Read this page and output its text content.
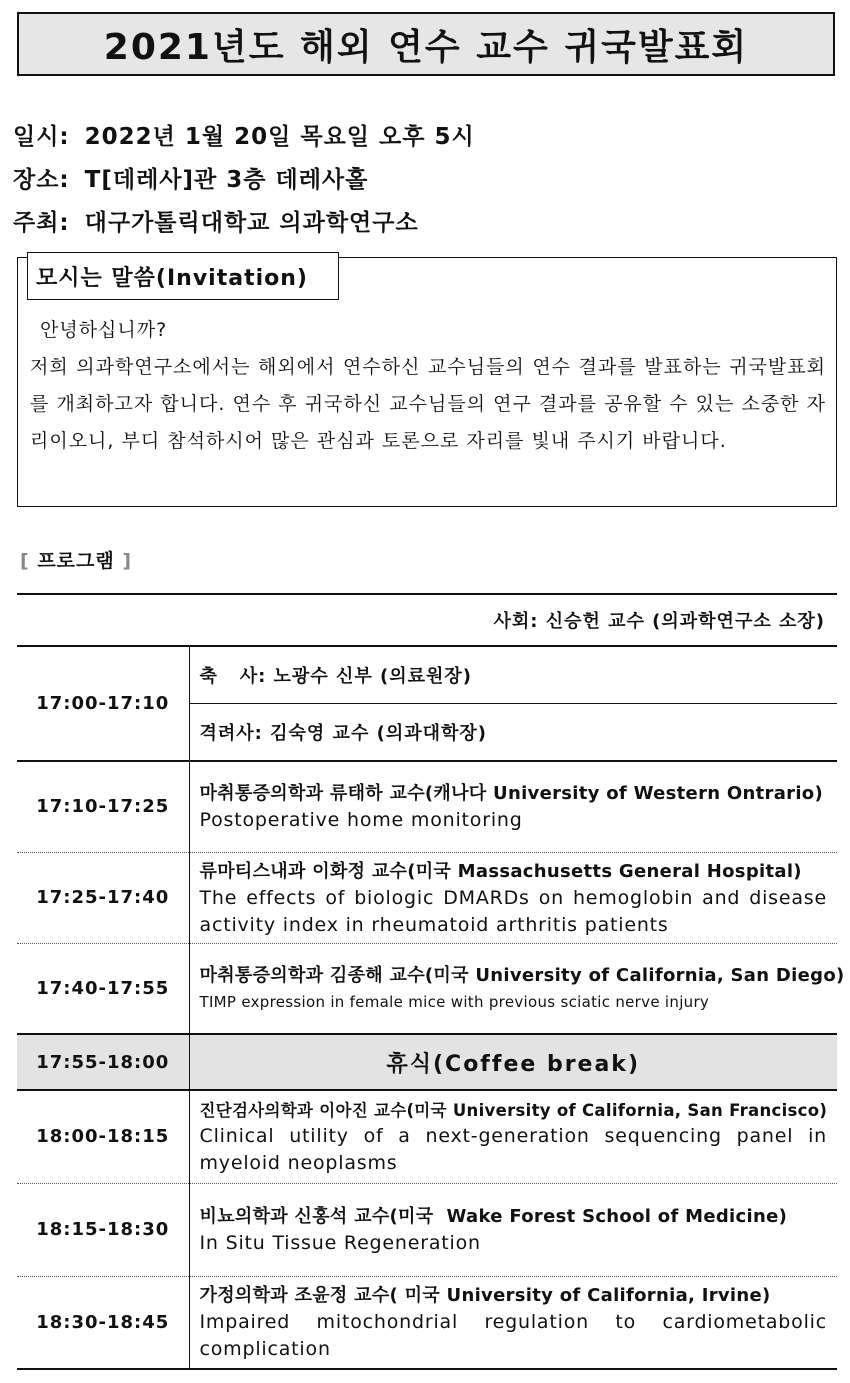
2021년도 해외 연수 교수 귀국발표회
일시: 2022년 1월 20일 목요일 오후 5시
장소: T[데레사]관 3층 데레사홀
주최: 대구가톨릭대학교 의과학연구소
모시는 말씀(Invitation)
안녕하십니까?
저희 의과학연구소에서는 해외에서 연수하신 교수님들의 연수 결과를 발표하는 귀국발표회를 개최하고자 합니다. 연수 후 귀국하신 교수님들의 연구 결과를 공유할 수 있는 소중한 자리이오니, 부디 참석하시어 많은 관심과 토론으로 자리를 빛내 주시기 바랍니다.
[ 프로그램 ]
사회: 신승헌 교수 (의과학연구소 소장)	
17:00-17:10	축   사: 노광수 신부 (의료원장)
	격려사: 김숙영 교수 (의과대학장)
17:10-17:25	마취통증의학과 류태하 교수(캐나다 University of Western Ontrario)
Postoperative home monitoring

17:25-17:40	류마티스내과 이화정 교수(미국 Massachusetts General Hospital)
The effects of biologic DMARDs on hemoglobin and disease activity index in rheumatoid arthritis patients

17:40-17:55	마취통증의학과 김종해 교수(미국 University of California, San Diego)
TIMP expression in female mice with previous sciatic nerve injury

17:55-18:00	휴식(Coffee break)
18:00-18:15	진단검사의학과 이아진 교수(미국 University of California, San Francisco)
Clinical utility of a next-generation sequencing panel in myeloid neoplasms

18:15-18:30	비뇨의학과 신홍석 교수(미국  Wake Forest School of Medicine)
In Situ Tissue Regeneration

18:30-18:45	가정의학과 조윤정 교수( 미국 University of California, Irvine)
Impaired mitochondrial regulation to cardiometabolic complication
